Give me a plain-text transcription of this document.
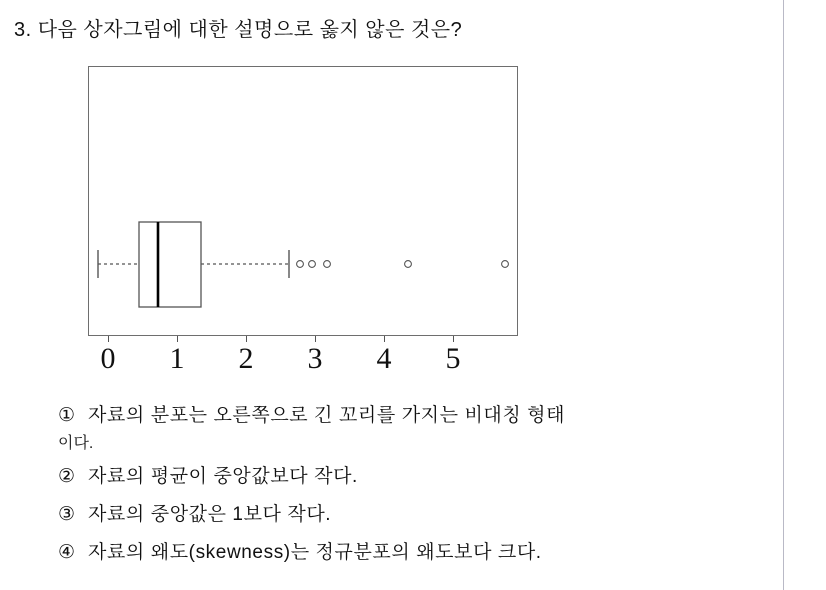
3. 다음 상자그림에 대한 설명으로 옳지 않은 것은?
0 1 2 3 4 5
① 자료의 분포는 오른쪽으로 긴 꼬리를 가지는 비대칭 형태
이다.
② 자료의 평균이 중앙값보다 작다.
③ 자료의 중앙값은 1보다 작다.
④ 자료의 왜도(skewness)는 정규분포의 왜도보다 크다.
